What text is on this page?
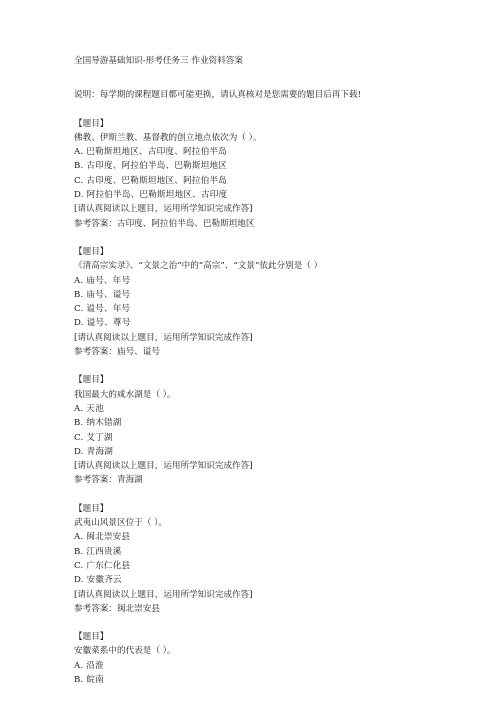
全国导游基础知识-形考任务三 作业资料答案
说明：每学期的课程题目都可能更换，请认真核对是您需要的题目后再下载!
【题目】
佛教、伊斯兰教、基督教的创立地点依次为（ ）。
A. 巴勒斯坦地区、古印度、阿拉伯半岛
B. 古印度、阿拉伯半岛、巴勒斯坦地区
C. 古印度、巴勒斯坦地区、阿拉伯半岛
D. 阿拉伯半岛、巴勒斯坦地区、古印度
[请认真阅读以上题目，运用所学知识完成作答]
参考答案：古印度、阿拉伯半岛、巴勒斯坦地区
【题目】
《清高宗实录》、“文景之治”中的“高宗”、“文景”依此分别是（ ）
A. 庙号、年号
B. 庙号、谥号
C. 谥号、年号
D. 谥号、尊号
[请认真阅读以上题目，运用所学知识完成作答]
参考答案：庙号、谥号
【题目】
我国最大的咸水湖是（ ）。
A. 天池
B. 纳木错湖
C. 艾丁湖
D. 青海湖
[请认真阅读以上题目，运用所学知识完成作答]
参考答案：青海湖
【题目】
武夷山风景区位于（ ）。
A. 闽北崇安县
B. 江西贵溪
C. 广东仁化县
D. 安徽齐云
[请认真阅读以上题目，运用所学知识完成作答]
参考答案：闽北崇安县
【题目】
安徽菜系中的代表是（ ）。
A. 沿淮
B. 皖南
